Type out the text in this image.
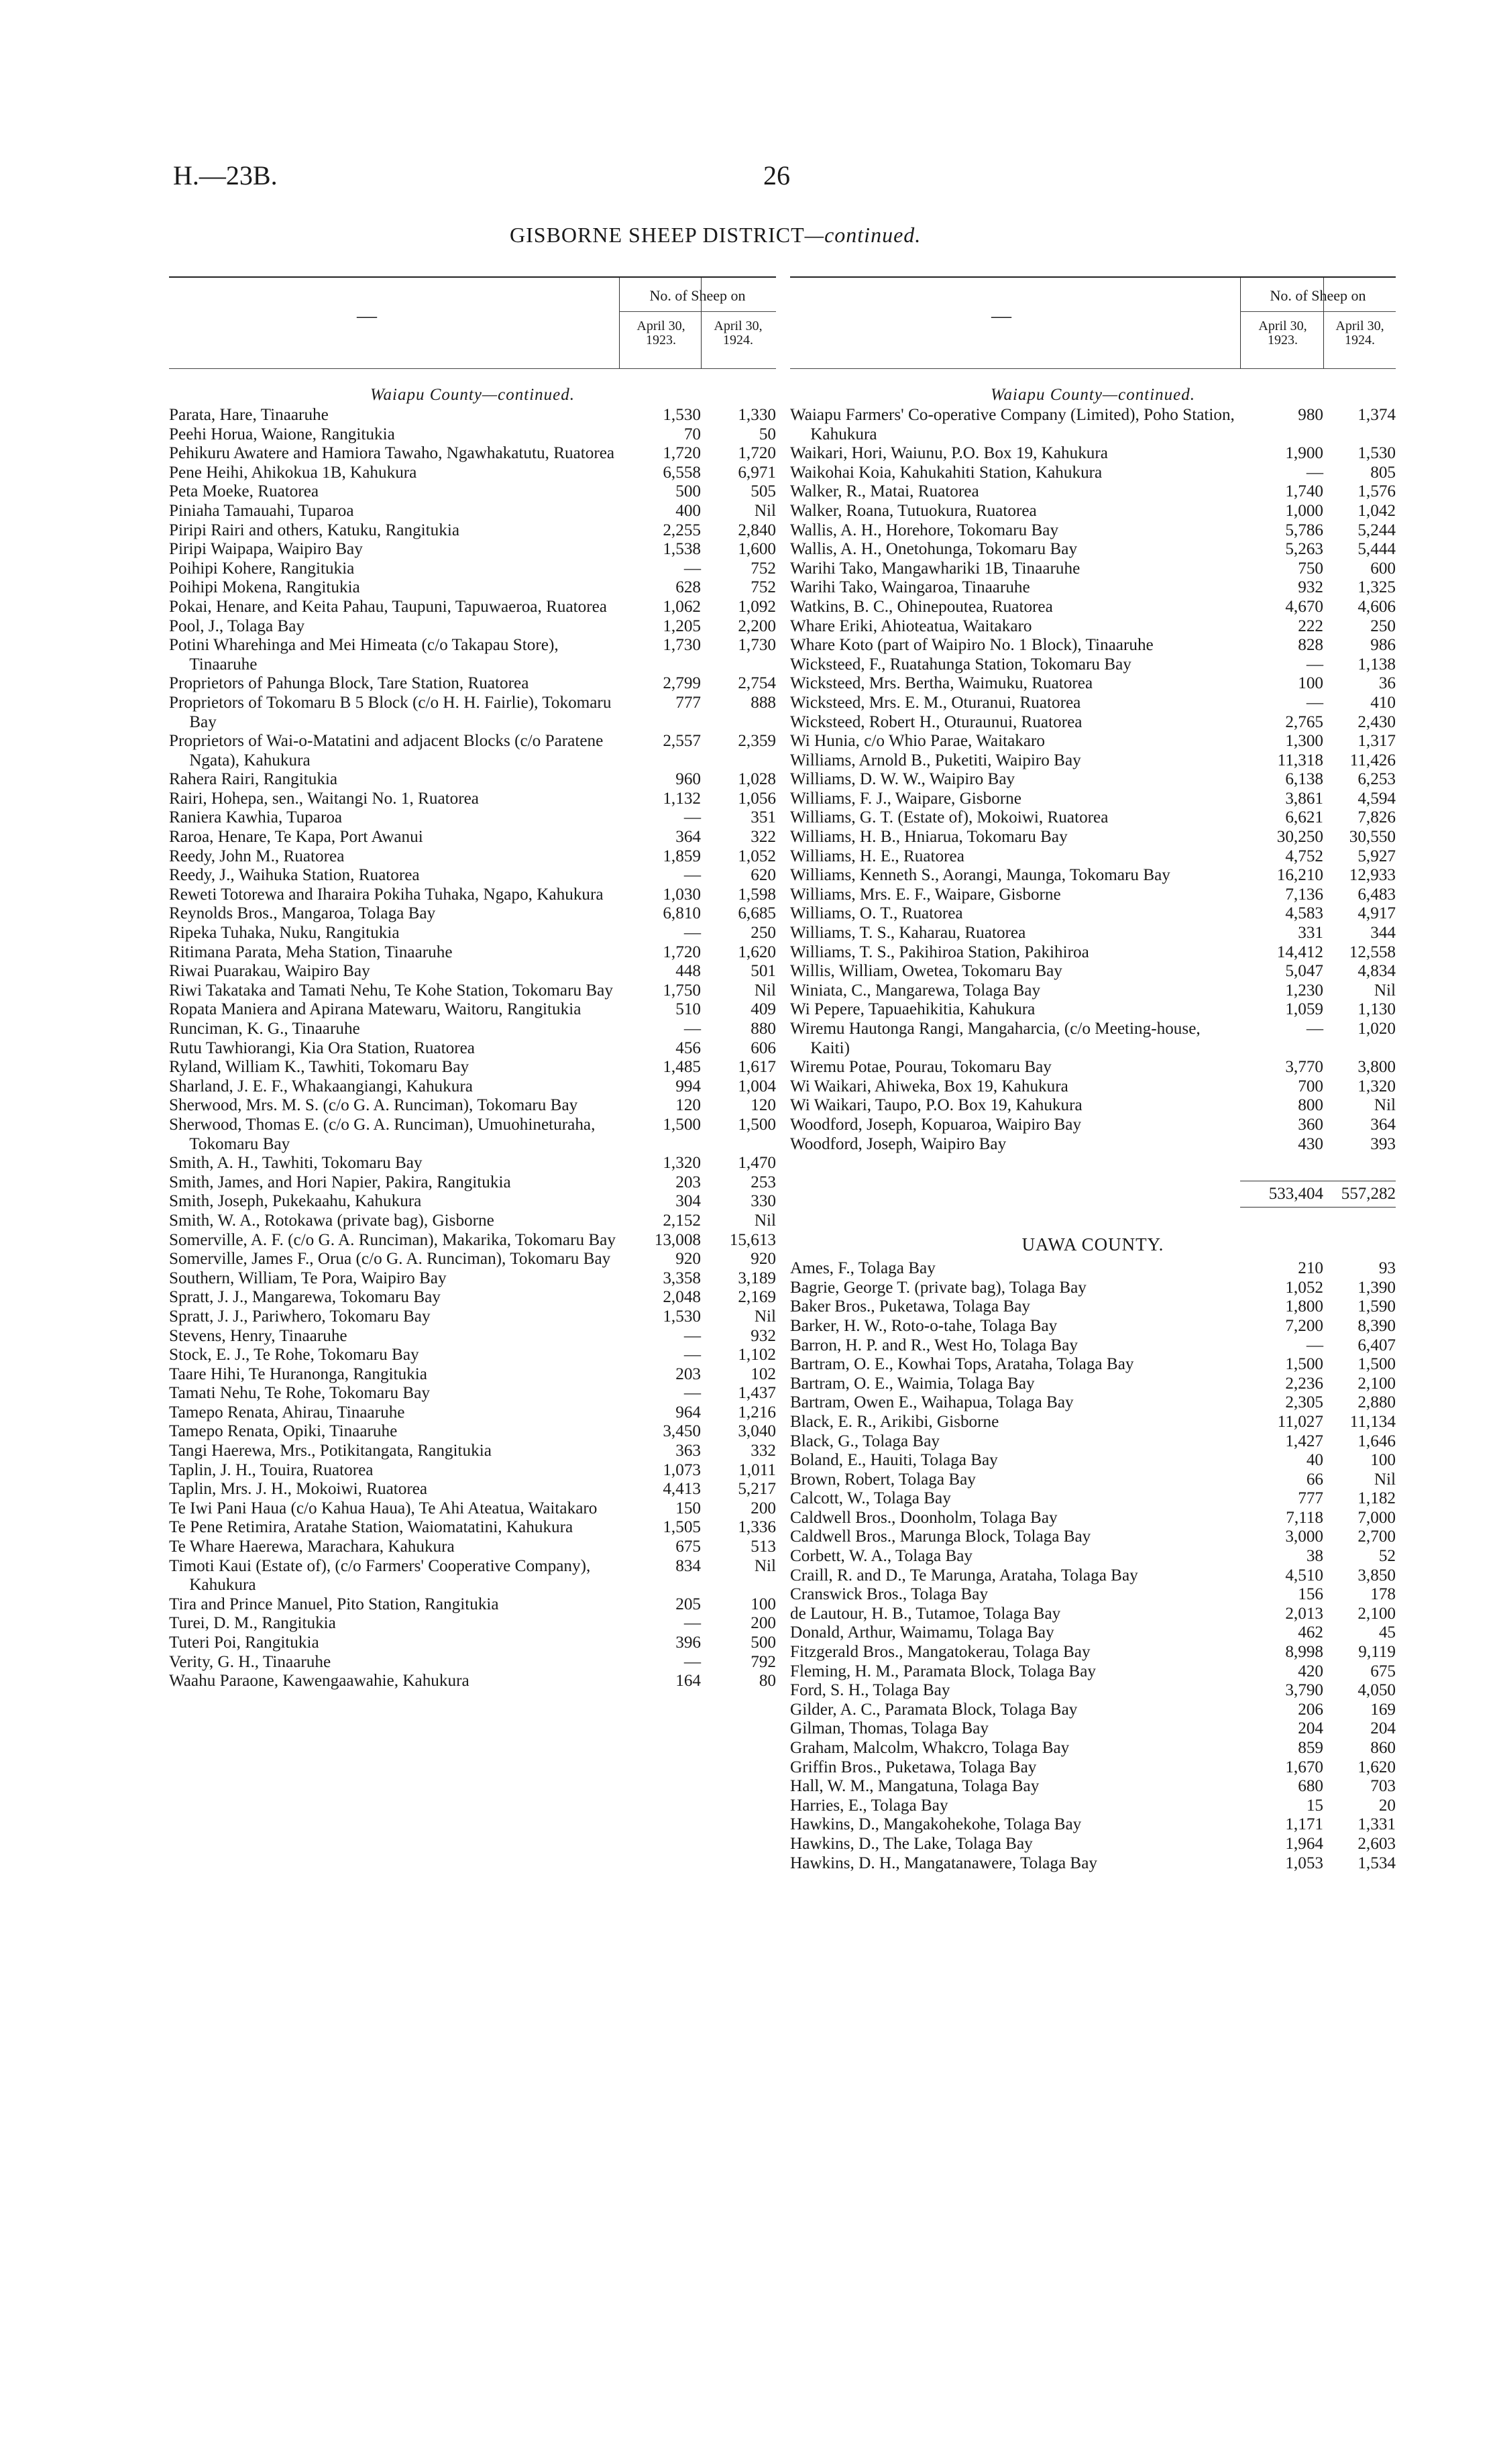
H.—23B.	26
GISBORNE SHEEP DISTRICT—continued.
—
No. of Sheep on
April 30, 1923.
April 30, 1924.
Waiapu County—continued.
Parata, Hare, Tinaaruhe	1,530	1,330
Peehi Horua, Waione, Rangitukia	70	50
Pehikuru Awatere and Hamiora Tawaho, Ngawhakatutu, Ruatorea	1,720	1,720
Pene Heihi, Ahikokua 1B, Kahukura	6,558	6,971
Peta Moeke, Ruatorea	500	505
Piniaha Tamauahi, Tuparoa	400	Nil
Piripi Rairi and others, Katuku, Rangitukia	2,255	2,840
Piripi Waipapa, Waipiro Bay	1,538	1,600
Poihipi Kohere, Rangitukia	—	752
Poihipi Mokena, Rangitukia	628	752
Pokai, Henare, and Keita Pahau, Taupuni, Tapuwaeroa, Ruatorea	1,062	1,092
Pool, J., Tolaga Bay	1,205	2,200
Potini Wharehinga and Mei Himeata (c/o Takapau Store), Tinaaruhe
1,730	1,730
Proprietors of Pahunga Block, Tare Station, Ruatorea	2,799	2,754
Proprietors of Tokomaru B 5 Block (c/o H. H. Fairlie), Tokomaru Bay
777	888
Proprietors of Wai-o-Matatini and adjacent Blocks (c/o Paratene Ngata), Kahukura
2,557	2,359
Rahera Rairi, Rangitukia	960	1,028
Rairi, Hohepa, sen., Waitangi No. 1, Ruatorea	1,132	1,056
Raniera Kawhia, Tuparoa	—	351
Raroa, Henare, Te Kapa, Port Awanui	364	322
Reedy, John M., Ruatorea	1,859	1,052
Reedy, J., Waihuka Station, Ruatorea	—	620
Reweti Totorewa and Iharaira Pokiha Tuhaka, Ngapo, Kahukura	1,030	1,598
Reynolds Bros., Mangaroa, Tolaga Bay	6,810	6,685
Ripeka Tuhaka, Nuku, Rangitukia	—	250
Ritimana Parata, Meha Station, Tinaaruhe	1,720	1,620
Riwai Puarakau, Waipiro Bay	448	501
Riwi Takataka and Tamati Nehu, Te Kohe Station, Tokomaru Bay	1,750	Nil
Ropata Maniera and Apirana Matewaru, Waitoru, Rangitukia	510	409
Runciman, K. G., Tinaaruhe	—	880
Rutu Tawhiorangi, Kia Ora Station, Ruatorea	456	606
Ryland, William K., Tawhiti, Tokomaru Bay	1,485	1,617
Sharland, J. E. F., Whakaangiangi, Kahukura	994	1,004
Sherwood, Mrs. M. S. (c/o G. A. Runciman), Tokomaru Bay	120	120
Sherwood, Thomas E. (c/o G. A. Runciman), Umuohineturaha, Tokomaru Bay
1,500	1,500
Smith, A. H., Tawhiti, Tokomaru Bay	1,320	1,470
Smith, James, and Hori Napier, Pakira, Rangitukia	203	253
Smith, Joseph, Pukekaahu, Kahukura	304	330
Smith, W. A., Rotokawa (private bag), Gisborne	2,152	Nil
Somerville, A. F. (c/o G. A. Runciman), Makarika, Tokomaru Bay	13,008	15,613
Somerville, James F., Orua (c/o G. A. Runciman), Tokomaru Bay	920	920
Southern, William, Te Pora, Waipiro Bay	3,358	3,189
Spratt, J. J., Mangarewa, Tokomaru Bay	2,048	2,169
Spratt, J. J., Pariwhero, Tokomaru Bay	1,530	Nil
Stevens, Henry, Tinaaruhe	—	932
Stock, E. J., Te Rohe, Tokomaru Bay	—	1,102
Taare Hihi, Te Huranonga, Rangitukia	203	102
Tamati Nehu, Te Rohe, Tokomaru Bay	—	1,437
Tamepo Renata, Ahirau, Tinaaruhe	964	1,216
Tamepo Renata, Opiki, Tinaaruhe	3,450	3,040
Tangi Haerewa, Mrs., Potikitangata, Rangitukia	363	332
Taplin, J. H., Touira, Ruatorea	1,073	1,011
Taplin, Mrs. J. H., Mokoiwi, Ruatorea	4,413	5,217
Te Iwi Pani Haua (c/o Kahua Haua), Te Ahi Ateatua, Waitakaro	150	200
Te Pene Retimira, Aratahe Station, Waiomatatini, Kahukura	1,505	1,336
Te Whare Haerewa, Marachara, Kahukura	675	513
Timoti Kaui (Estate of), (c/o Farmers' Cooperative Company), Kahukura
834	Nil
Tira and Prince Manuel, Pito Station, Rangitukia	205	100
Turei, D. M., Rangitukia	—	200
Tuteri Poi, Rangitukia	396	500
Verity, G. H., Tinaaruhe	—	792
Waahu Paraone, Kawengaawahie, Kahukura	164	80
—
No. of Sheep on
April 30, 1923.
April 30, 1924.
Waiapu County—continued.
Waiapu Farmers' Co-operative Company (Limited), Poho Station, Kahukura
980	1,374
Waikari, Hori, Waiunu, P.O. Box 19, Kahukura	1,900	1,530
Waikohai Koia, Kahukahiti Station, Kahukura	—	805
Walker, R., Matai, Ruatorea	1,740	1,576
Walker, Roana, Tutuokura, Ruatorea	1,000	1,042
Wallis, A. H., Horehore, Tokomaru Bay	5,786	5,244
Wallis, A. H., Onetohunga, Tokomaru Bay	5,263	5,444
Warihi Tako, Mangawhariki 1B, Tinaaruhe	750	600
Warihi Tako, Waingaroa, Tinaaruhe	932	1,325
Watkins, B. C., Ohinepoutea, Ruatorea	4,670	4,606
Whare Eriki, Ahioteatua, Waitakaro	222	250
Whare Koto (part of Waipiro No. 1 Block), Tinaaruhe	828	986
Wicksteed, F., Ruatahunga Station, Tokomaru Bay	—	1,138
Wicksteed, Mrs. Bertha, Waimuku, Ruatorea	100	36
Wicksteed, Mrs. E. M., Oturanui, Ruatorea	—	410
Wicksteed, Robert H., Oturaunui, Ruatorea	2,765	2,430
Wi Hunia, c/o Whio Parae, Waitakaro	1,300	1,317
Williams, Arnold B., Puketiti, Waipiro Bay	11,318	11,426
Williams, D. W. W., Waipiro Bay	6,138	6,253
Williams, F. J., Waipare, Gisborne	3,861	4,594
Williams, G. T. (Estate of), Mokoiwi, Ruatorea	6,621	7,826
Williams, H. B., Hniarua, Tokomaru Bay	30,250	30,550
Williams, H. E., Ruatorea	4,752	5,927
Williams, Kenneth S., Aorangi, Maunga, Tokomaru Bay	16,210	12,933
Williams, Mrs. E. F., Waipare, Gisborne	7,136	6,483
Williams, O. T., Ruatorea	4,583	4,917
Williams, T. S., Kaharau, Ruatorea	331	344
Williams, T. S., Pakihiroa Station, Pakihiroa	14,412	12,558
Willis, William, Owetea, Tokomaru Bay	5,047	4,834
Winiata, C., Mangarewa, Tolaga Bay	1,230	Nil
Wi Pepere, Tapuaehikitia, Kahukura	1,059	1,130
Wiremu Hautonga Rangi, Mangaharcia, (c/o Meeting-house, Kaiti)
—	1,020
Wiremu Potae, Pourau, Tokomaru Bay	3,770	3,800
Wi Waikari, Ahiweka, Box 19, Kahukura	700	1,320
Wi Waikari, Taupo, P.O. Box 19, Kahukura	800	Nil
Woodford, Joseph, Kopuaroa, Waipiro Bay	360	364
Woodford, Joseph, Waipiro Bay	430	393
533,404	557,282
UAWA COUNTY.
Ames, F., Tolaga Bay	210	93
Bagrie, George T. (private bag), Tolaga Bay	1,052	1,390
Baker Bros., Puketawa, Tolaga Bay	1,800	1,590
Barker, H. W., Roto-o-tahe, Tolaga Bay	7,200	8,390
Barron, H. P. and R., West Ho, Tolaga Bay	—	6,407
Bartram, O. E., Kowhai Tops, Arataha, Tolaga Bay	1,500	1,500
Bartram, O. E., Waimia, Tolaga Bay	2,236	2,100
Bartram, Owen E., Waihapua, Tolaga Bay	2,305	2,880
Black, E. R., Arikibi, Gisborne	11,027	11,134
Black, G., Tolaga Bay	1,427	1,646
Boland, E., Hauiti, Tolaga Bay	40	100
Brown, Robert, Tolaga Bay	66	Nil
Calcott, W., Tolaga Bay	777	1,182
Caldwell Bros., Doonholm, Tolaga Bay	7,118	7,000
Caldwell Bros., Marunga Block, Tolaga Bay	3,000	2,700
Corbett, W. A., Tolaga Bay	38	52
Craill, R. and D., Te Marunga, Arataha, Tolaga Bay	4,510	3,850
Cranswick Bros., Tolaga Bay	156	178
de Lautour, H. B., Tutamoe, Tolaga Bay	2,013	2,100
Donald, Arthur, Waimamu, Tolaga Bay	462	45
Fitzgerald Bros., Mangatokerau, Tolaga Bay	8,998	9,119
Fleming, H. M., Paramata Block, Tolaga Bay	420	675
Ford, S. H., Tolaga Bay	3,790	4,050
Gilder, A. C., Paramata Block, Tolaga Bay	206	169
Gilman, Thomas, Tolaga Bay	204	204
Graham, Malcolm, Whakcro, Tolaga Bay	859	860
Griffin Bros., Puketawa, Tolaga Bay	1,670	1,620
Hall, W. M., Mangatuna, Tolaga Bay	680	703
Harries, E., Tolaga Bay	15	20
Hawkins, D., Mangakohekohe, Tolaga Bay	1,171	1,331
Hawkins, D., The Lake, Tolaga Bay	1,964	2,603
Hawkins, D. H., Mangatanawere, Tolaga Bay	1,053	1,534
